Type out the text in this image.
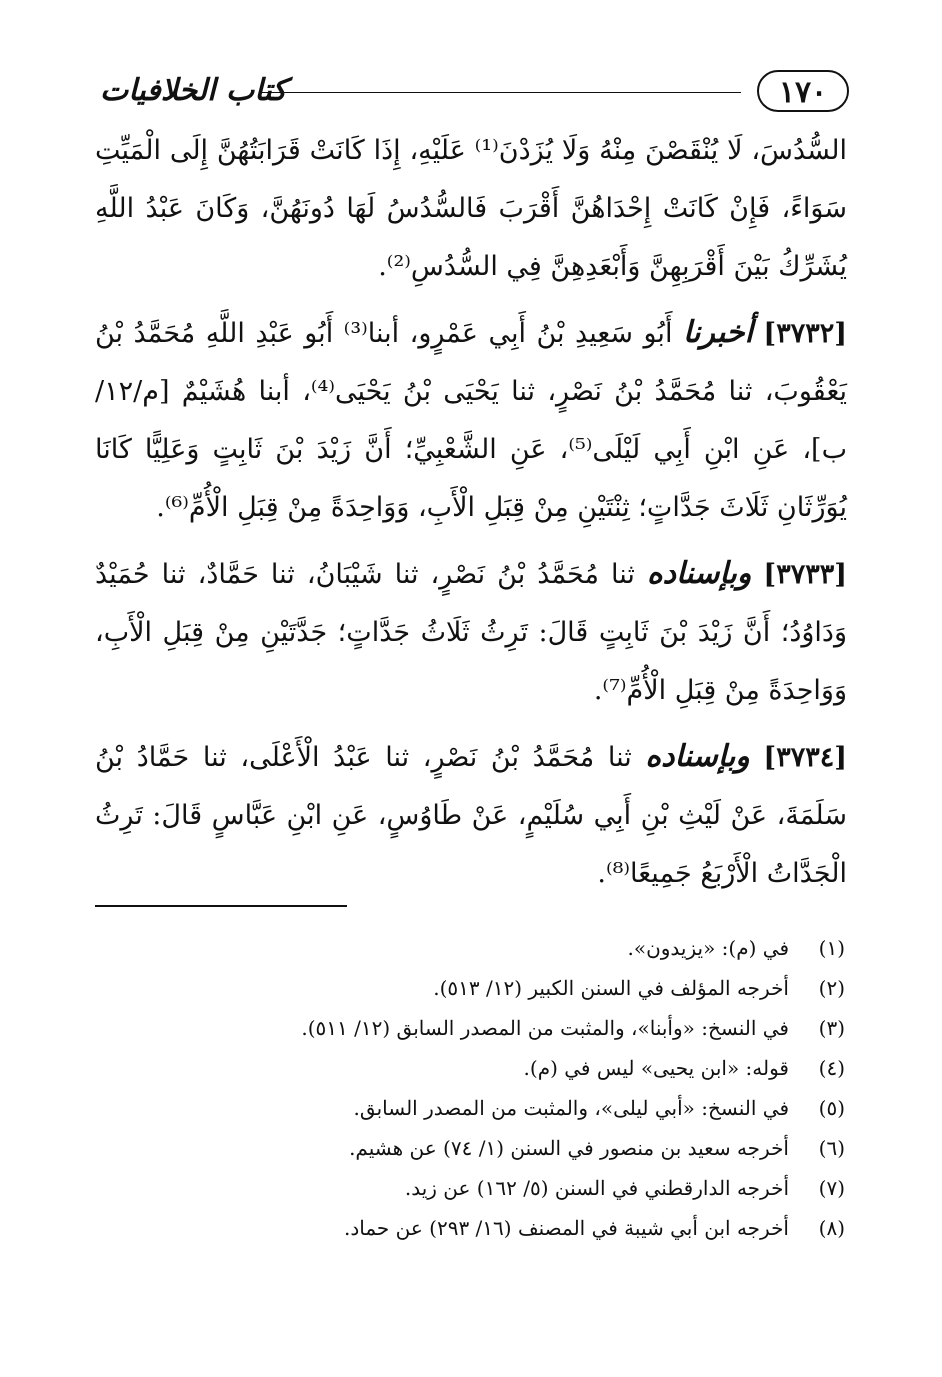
١٧٠
كتاب الخلافيات

السُّدُسَ، لَا يُنْقَصْنَ مِنْهُ وَلَا يُزَدْنَ⁽¹⁾ عَلَيْهِ، إِذَا كَانَتْ قَرَابَتُهُنَّ إِلَى الْمَيِّتِ سَوَاءً، فَإِنْ كَانَتْ إِحْدَاهُنَّ أَقْرَبَ فَالسُّدُسُ لَهَا دُونَهُنَّ، وَكَانَ عَبْدُ اللَّهِ يُشَرِّكُ بَيْنَ أَقْرَبِهِنَّ وَأَبْعَدِهِنَّ فِي السُّدُسِ⁽²⁾.

[٣٧٣٢] أخبرنا أَبُو سَعِيدِ بْنُ أَبِي عَمْرٍو، أبنا⁽³⁾ أَبُو عَبْدِ اللَّهِ مُحَمَّدُ بْنُ يَعْقُوبَ، ثنا مُحَمَّدُ بْنُ نَصْرٍ، ثنا يَحْيَى بْنُ يَحْيَى⁽⁴⁾، أبنا هُشَيْمٌ [م/١٢/ب]، عَنِ ابْنِ أَبِي لَيْلَى⁽⁵⁾، عَنِ الشَّعْبِيِّ؛ أَنَّ زَيْدَ بْنَ ثَابِتٍ وَعَلِيًّا كَانَا يُوَرِّثَانِ ثَلَاثَ جَدَّاتٍ؛ ثِنْتَيْنِ مِنْ قِبَلِ الْأَبِ، وَوَاحِدَةً مِنْ قِبَلِ الْأُمِّ⁽⁶⁾.

[٣٧٣٣] وبإسناده ثنا مُحَمَّدُ بْنُ نَصْرٍ، ثنا شَيْبَانُ، ثنا حَمَّادٌ، ثنا حُمَيْدٌ وَدَاوُدُ؛ أَنَّ زَيْدَ بْنَ ثَابِتٍ قَالَ: تَرِثُ ثَلَاثُ جَدَّاتٍ؛ جَدَّتَيْنِ مِنْ قِبَلِ الْأَبِ، وَوَاحِدَةً مِنْ قِبَلِ الْأُمِّ⁽⁷⁾.

[٣٧٣٤] وبإسناده ثنا مُحَمَّدُ بْنُ نَصْرٍ، ثنا عَبْدُ الْأَعْلَى، ثنا حَمَّادُ بْنُ سَلَمَةَ، عَنْ لَيْثِ بْنِ أَبِي سُلَيْمٍ، عَنْ طَاوُسٍ، عَنِ ابْنِ عَبَّاسٍ قَالَ: تَرِثُ الْجَدَّاتُ الْأَرْبَعُ جَمِيعًا⁽⁸⁾.

(١)
في (م): «يزيدون».
(٢)
أخرجه المؤلف في السنن الكبير (١٢/ ٥١٣).
(٣)
في النسخ: «وأبنا»، والمثبت من المصدر السابق (١٢/ ٥١١).
(٤)
قوله: «ابن يحيى» ليس في (م).
(٥)
في النسخ: «أبي ليلى»، والمثبت من المصدر السابق.
(٦)
أخرجه سعيد بن منصور في السنن (١/ ٧٤) عن هشيم.
(٧)
أخرجه الدارقطني في السنن (٥/ ١٦٢) عن زيد.
(٨)
أخرجه ابن أبي شيبة في المصنف (١٦/ ٢٩٣) عن حماد.
